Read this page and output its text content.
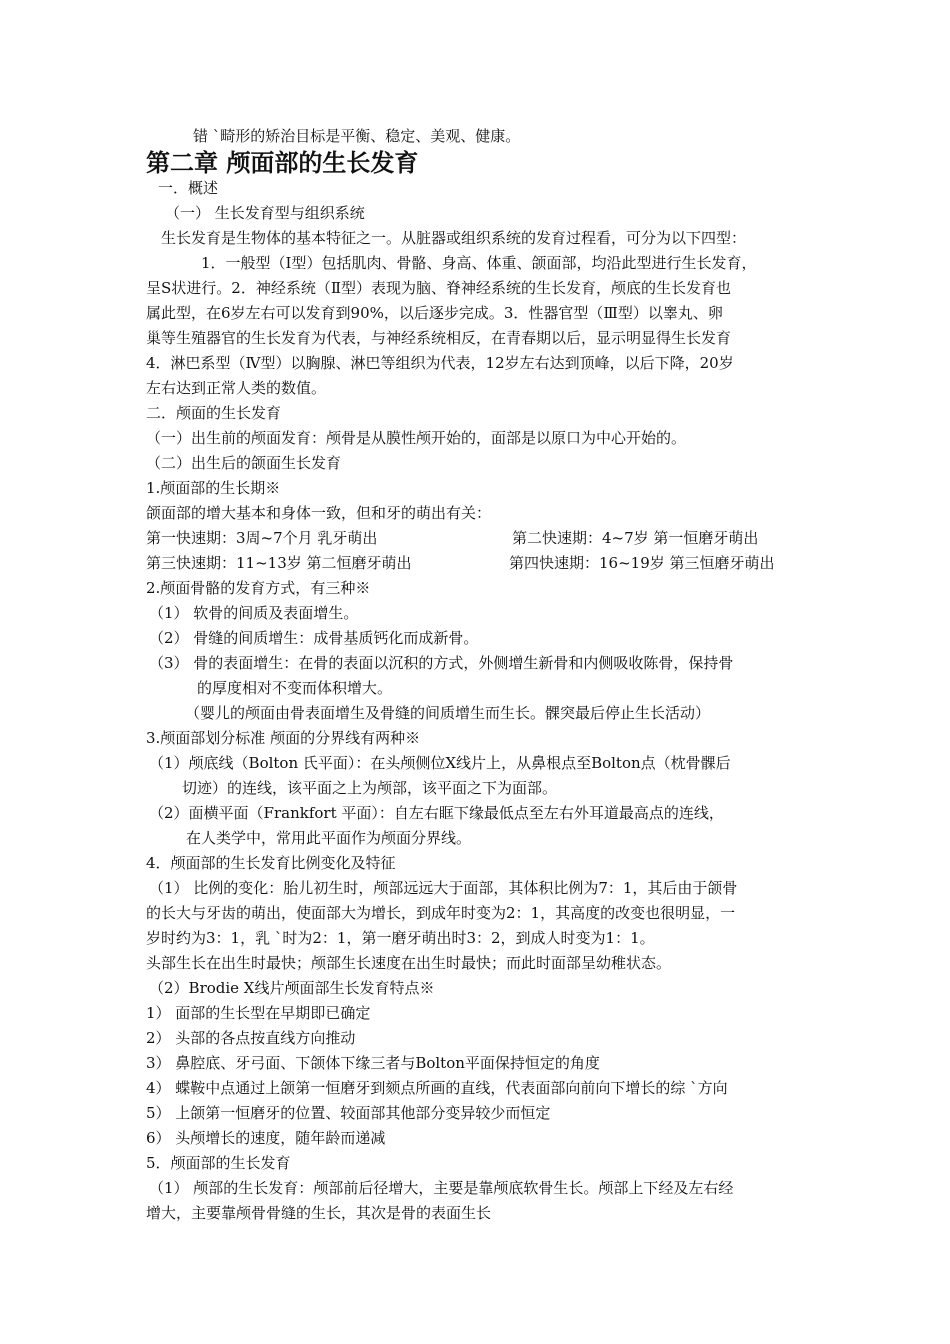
错 `畸形的矫治目标是平衡、稳定、美观、健康。
第二章 颅面部的生长发育
一．概述
（一） 生长发育型与组织系统
生长发育是生物体的基本特征之一。从脏器或组织系统的发育过程看，可分为以下四型：
1．一般型（Ⅰ型）包括肌肉、骨骼、身高、体重、颌面部，均沿此型进行生长发育，
呈S状进行。2．神经系统（Ⅱ型）表现为脑、脊神经系统的生长发育，颅底的生长发育也
属此型，在6岁左右可以发育到90%，以后逐步完成。3．性器官型（Ⅲ型）以睾丸、卵
巢等生殖器官的生长发育为代表，与神经系统相反，在青春期以后，显示明显得生长发育
4．淋巴系型（Ⅳ型）以胸腺、淋巴等组织为代表，12岁左右达到顶峰，以后下降，20岁
左右达到正常人类的数值。
二．颅面的生长发育
（一）出生前的颅面发育：颅骨是从膜性颅开始的，面部是以原口为中心开始的。
（二）出生后的颌面生长发育
1.颅面部的生长期※
颌面部的增大基本和身体一致，但和牙的萌出有关：
第一快速期：3周~7个月 乳牙萌出	第二快速期：4~7岁 第一恒磨牙萌出
第三快速期：11~13岁 第二恒磨牙萌出	第四快速期：16~19岁 第三恒磨牙萌出
2.颅面骨骼的发育方式，有三种※
（1） 软骨的间质及表面增生。
（2） 骨缝的间质增生：成骨基质钙化而成新骨。
（3） 骨的表面增生：在骨的表面以沉积的方式，外侧增生新骨和内侧吸收陈骨，保持骨
的厚度相对不变而体积增大。
（婴儿的颅面由骨表面增生及骨缝的间质增生而生长。髁突最后停止生长活动）
3.颅面部划分标准 颅面的分界线有两种※
（1）颅底线（Bolton 氏平面）：在头颅侧位X线片上，从鼻根点至Bolton点（枕骨髁后
切迹）的连线，该平面之上为颅部，该平面之下为面部。
（2）面横平面（Frankfort 平面）：自左右眶下缘最低点至左右外耳道最高点的连线，
在人类学中，常用此平面作为颅面分界线。
4．颅面部的生长发育比例变化及特征
（1） 比例的变化：胎儿初生时，颅部远远大于面部，其体积比例为7：1，其后由于颌骨
的长大与牙齿的萌出，使面部大为增长，到成年时变为2：1，其高度的改变也很明显，一
岁时约为3：1，乳 `时为2：1，第一磨牙萌出时3：2，到成人时变为1：1。
头部生长在出生时最快；颅部生长速度在出生时最快；而此时面部呈幼稚状态。
（2）Brodie X线片颅面部生长发育特点※
1） 面部的生长型在早期即已确定
2） 头部的各点按直线方向推动
3） 鼻腔底、牙弓面、下颌体下缘三者与Bolton平面保持恒定的角度
4） 蝶鞍中点通过上颌第一恒磨牙到颏点所画的直线，代表面部向前向下增长的综 `方向
5） 上颌第一恒磨牙的位置、较面部其他部分变异较少而恒定
6） 头颅增长的速度，随年龄而递减
5．颅面部的生长发育
（1） 颅部的生长发育：颅部前后径增大，主要是靠颅底软骨生长。颅部上下经及左右经
增大，主要靠颅骨骨缝的生长，其次是骨的表面生长
